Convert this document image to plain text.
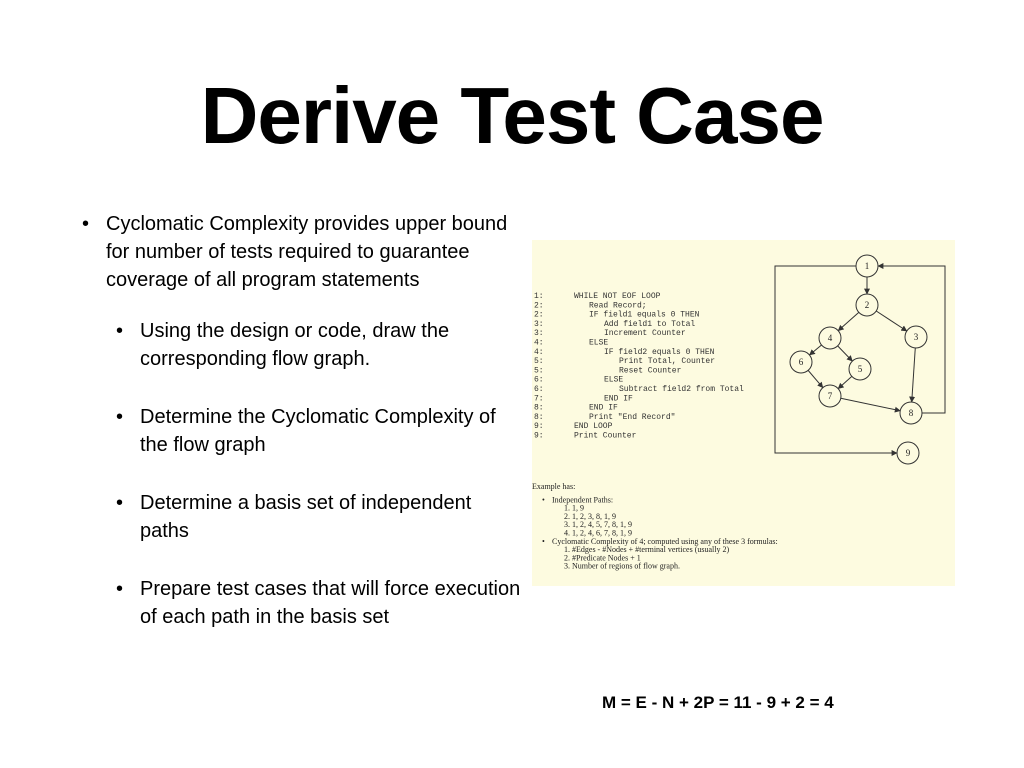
Derive Test Case
• Cyclomatic Complexity provides upper bound for number of tests required to guarantee coverage of all program statements
• Using the design or code, draw the corresponding flow graph.
• Determine the Cyclomatic Complexity of the flow graph
• Determine a basis set of independent paths
• Prepare test cases that will force execution of each path in the basis set
1:	WHILE NOT EOF LOOP
2:	Read Record;
2:	IF field1 equals 0 THEN
3:	Add field1 to Total
3:	Increment Counter
4:	ELSE
4:	IF field2 equals 0 THEN
5:	Print Total, Counter
5:	Reset Counter
6:	ELSE
6:	Subtract field2 from Total
7:	END IF
8:	END IF
8:	Print "End Record"
9:	END LOOP
9:	Print Counter
1
2
3
4
5
6
7
8
9
Example has:
• Independent Paths:
1. 1, 9
2. 1, 2, 3, 8, 1, 9
3. 1, 2, 4, 5, 7, 8, 1, 9
4. 1, 2, 4, 6, 7, 8, 1, 9
• Cyclomatic Complexity of 4; computed using any of these 3 formulas:
1. #Edges - #Nodes + #terminal vertices (usually 2)
2. #Predicate Nodes + 1
3. Number of regions of flow graph.
M = E - N + 2P = 11 - 9 + 2 = 4
